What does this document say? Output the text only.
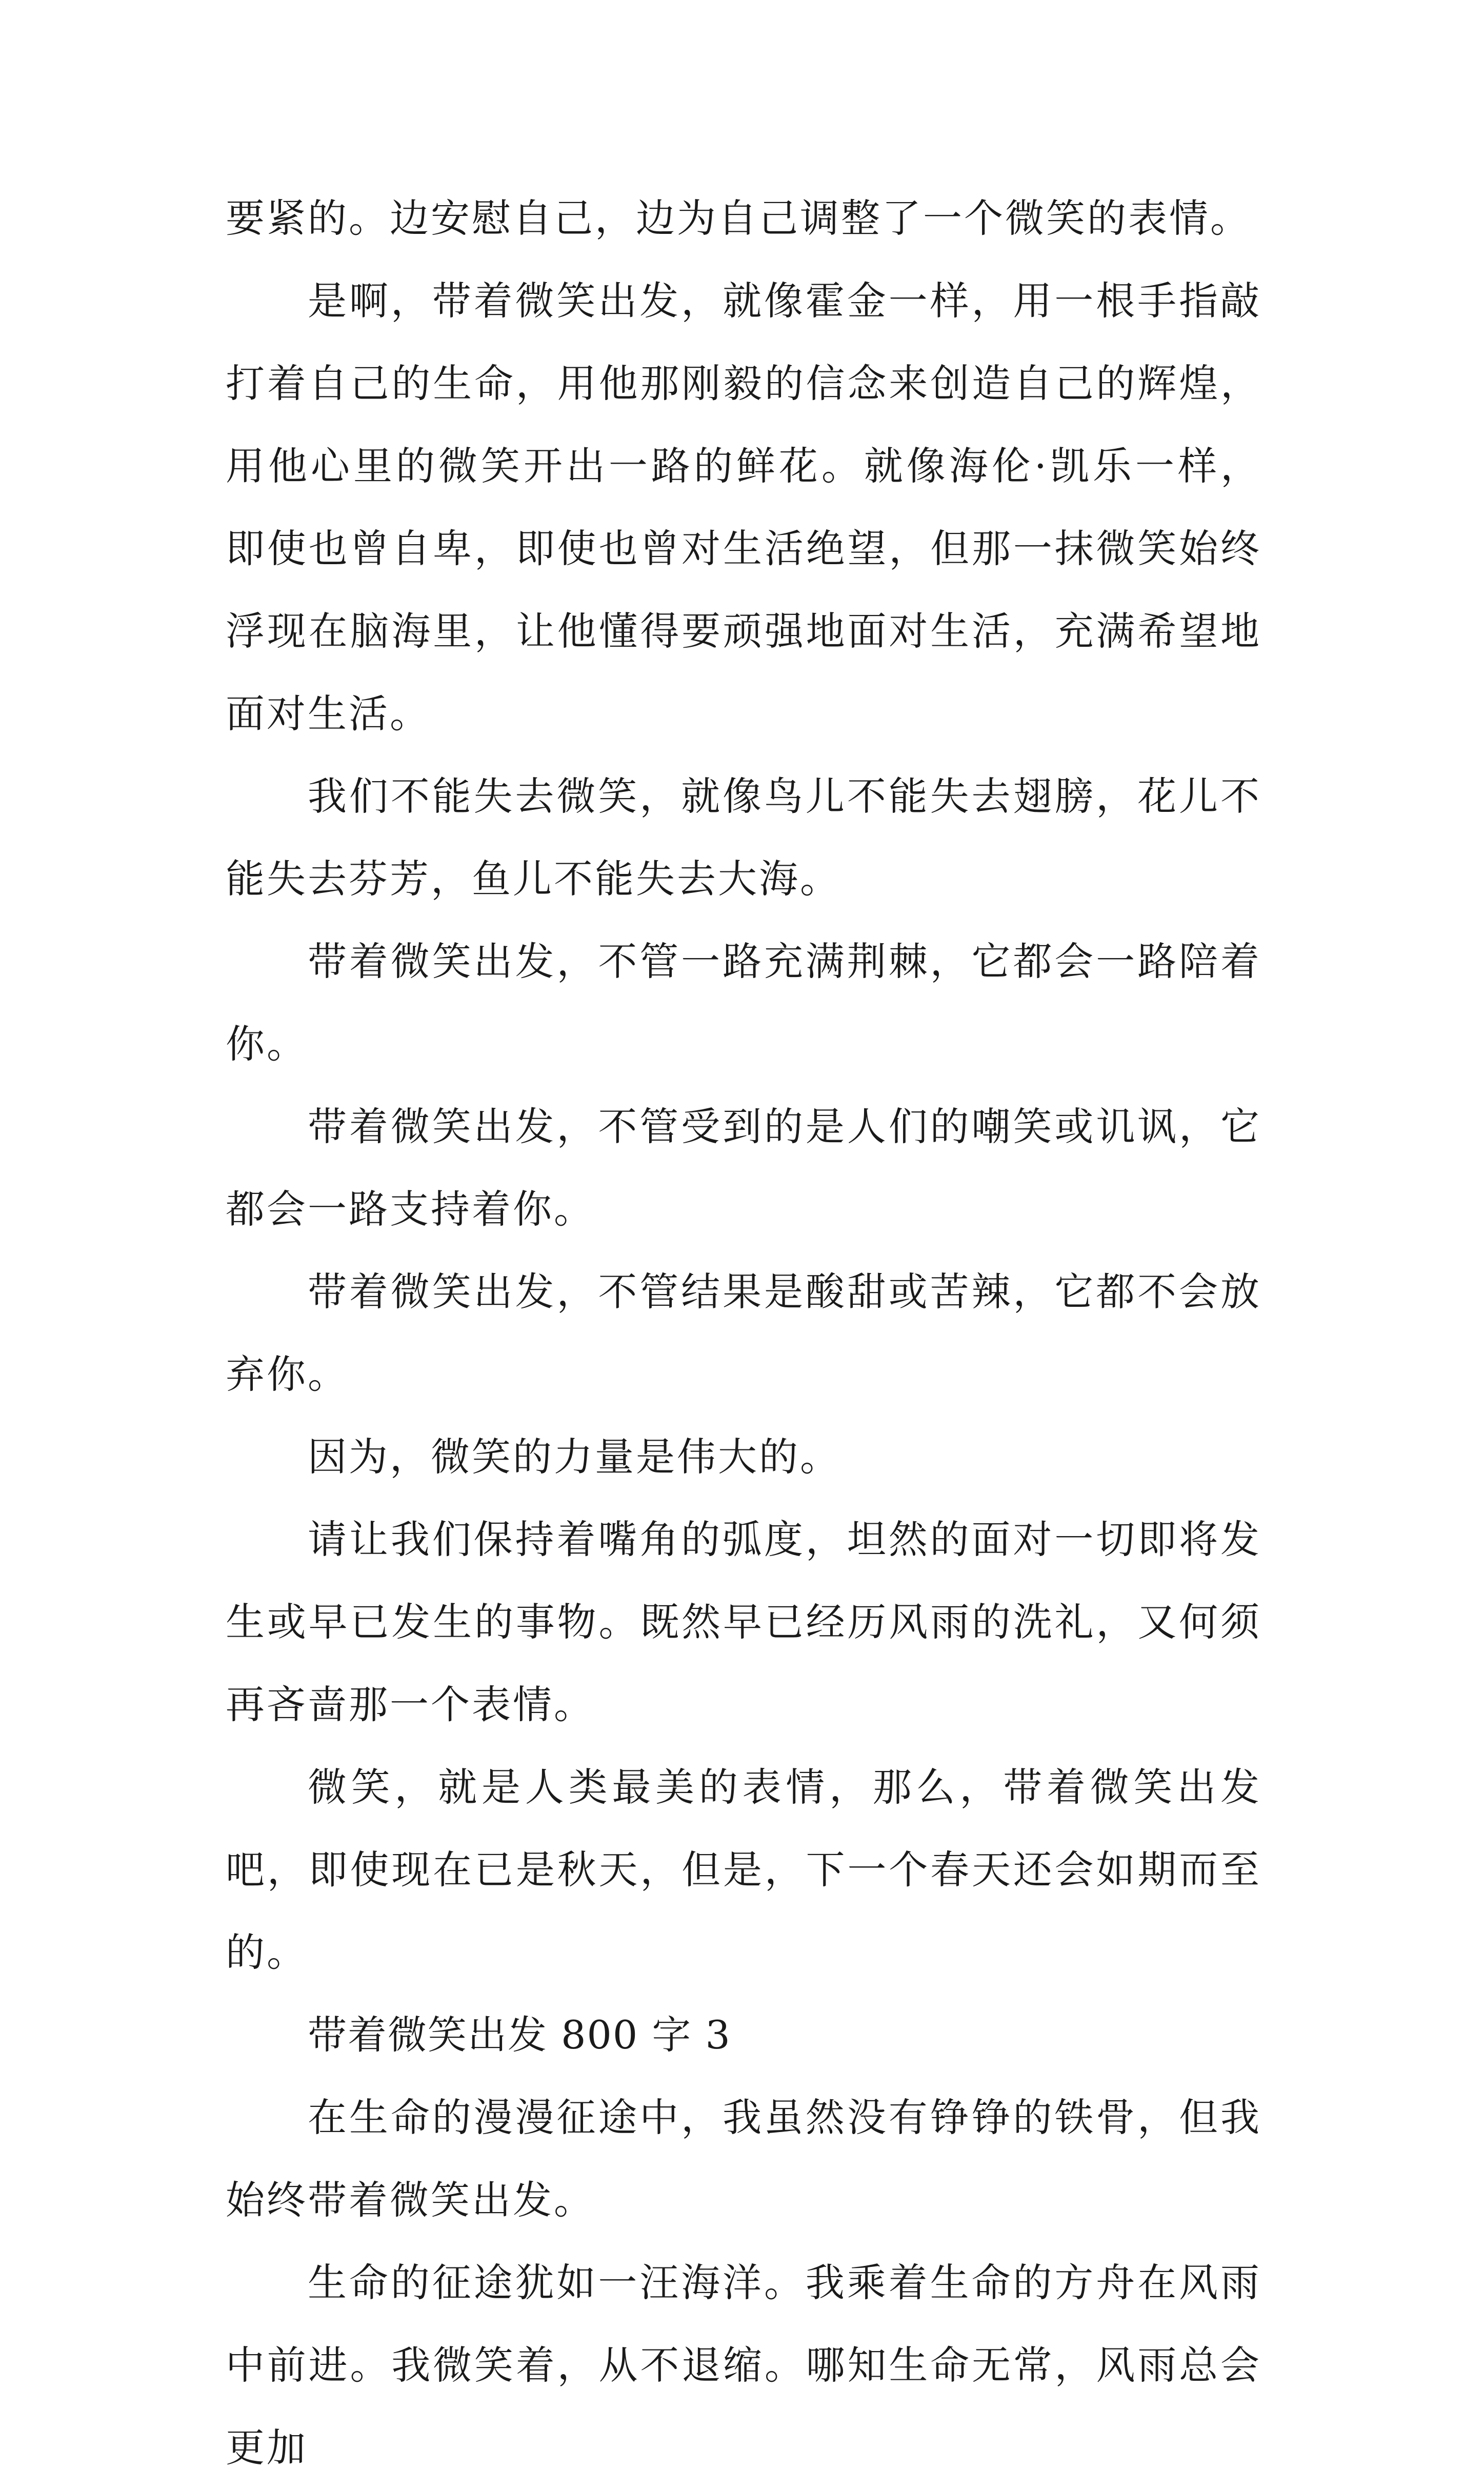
要紧的。边安慰自己，边为自己调整了一个微笑的表情。

是啊，带着微笑出发，就像霍金一样，用一根手指敲打着自己的生命，用他那刚毅的信念来创造自己的辉煌，用他心里的微笑开出一路的鲜花。就像海伦·凯乐一样，即使也曾自卑，即使也曾对生活绝望，但那一抹微笑始终浮现在脑海里，让他懂得要顽强地面对生活，充满希望地面对生活。

我们不能失去微笑，就像鸟儿不能失去翅膀，花儿不能失去芬芳，鱼儿不能失去大海。

带着微笑出发，不管一路充满荆棘，它都会一路陪着你。

带着微笑出发，不管受到的是人们的嘲笑或讥讽，它都会一路支持着你。

带着微笑出发，不管结果是酸甜或苦辣，它都不会放弃你。

因为，微笑的力量是伟大的。

请让我们保持着嘴角的弧度，坦然的面对一切即将发生或早已发生的事物。既然早已经历风雨的洗礼，又何须再吝啬那一个表情。

微笑，就是人类最美的表情，那么，带着微笑出发吧，即使现在已是秋天，但是，下一个春天还会如期而至的。

带着微笑出发 800 字 3

在生命的漫漫征途中，我虽然没有铮铮的铁骨，但我始终带着微笑出发。

生命的征途犹如一汪海洋。我乘着生命的方舟在风雨中前进。我微笑着，从不退缩。哪知生命无常，风雨总会更加
